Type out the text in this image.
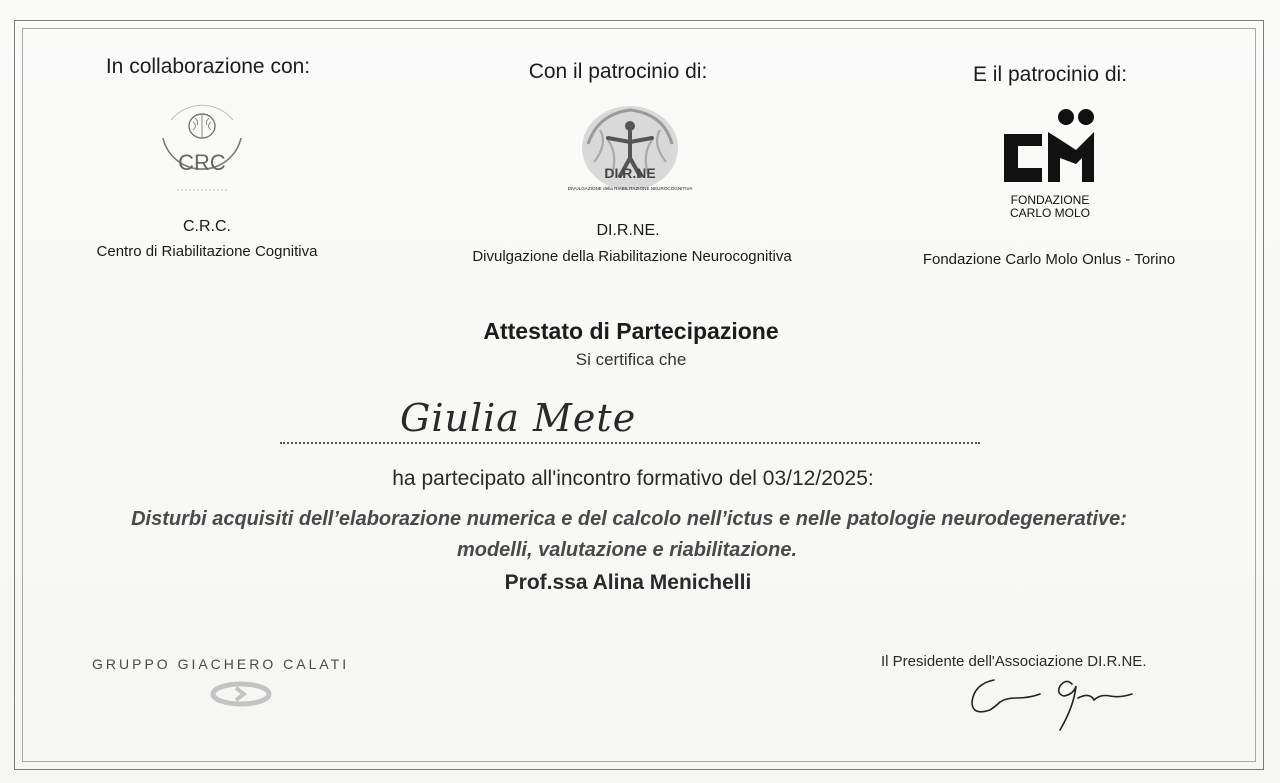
In collaborazione con:	Con il patrocinio di:	E il patrocinio di:
CRC
C.R.C.
Centro di Riabilitazione Cognitiva
DI.R.NE
DIVULGAZIONE della RIABILITAZIONE NEUROCOGNITIVA
DI.R.NE.
Divulgazione della Riabilitazione Neurocognitiva
FONDAZIONE
CARLO MOLO
Fondazione Carlo Molo Onlus - Torino
Attestato di Partecipazione
Si certifica che
Giulia Mete
ha partecipato all'incontro formativo del 03/12/2025:
Disturbi acquisiti dell’elaborazione numerica e del calcolo nell’ictus e nelle patologie neurodegenerative:
modelli, valutazione e riabilitazione.
Prof.ssa Alina Menichelli
GRUPPO GIACHERO CALATI	Il Presidente dell'Associazione DI.R.NE.
